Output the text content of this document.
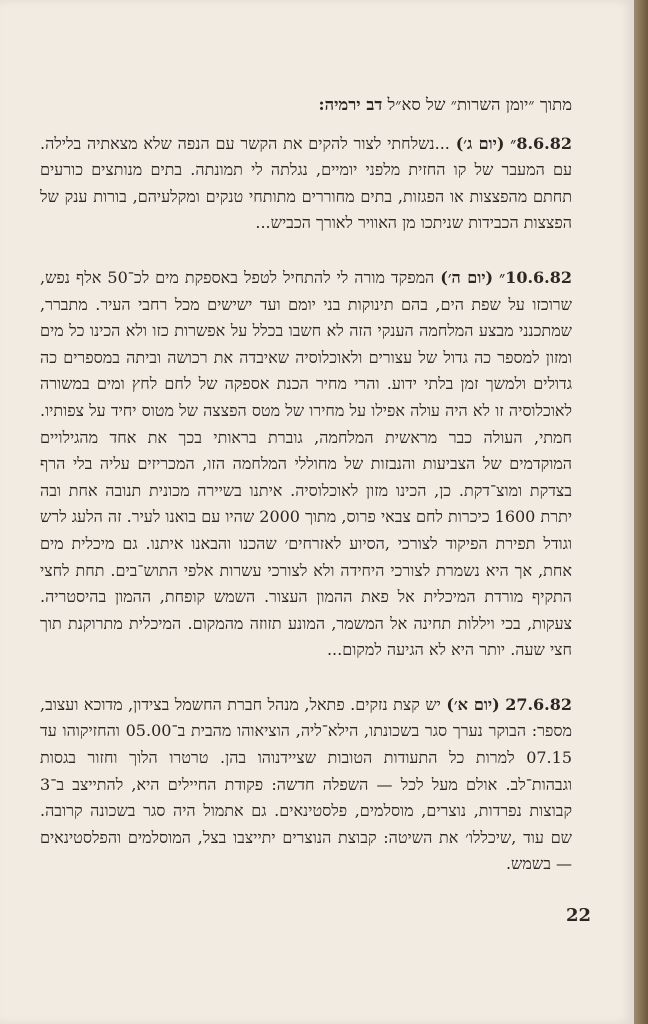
מתוך ״יומן השרות״ של סא״ל דב ירמיה:

8.6.82״ (יום ג׳) ...נשלחתי לצור להקים את הקשר עם הנפה שלא מצאתיה בלילה. עם המעבר של קו החזית מלפני יומיים, נגלתה לי תמונתה. בתים מנותצים כורעים תחתם מהפצצות או הפגזות, בתים מחוררים מתותחי טנקים ומקלעיהם, בורות ענק של הפצצות הכבידות שניתכו מן האוויר לאורך הכביש...

10.6.82״ (יום ה׳) המפקד מורה לי להתחיל לטפל באספקת מים לכ־50 אלף נפש, שרוכזו על שפת הים, בהם תינוקות בני יומם ועד ישישים מכל רחבי העיר. מתברר, שמתכנני מבצע המלחמה הענקי הזה לא חשבו בכלל על אפשרות כזו ולא הכינו כל מים ומזון למספר כה גדול של עצורים ולאוכלוסיה שאיבדה את רכושה וביתה במספרים כה גדולים ולמשך זמן בלתי ידוע. והרי מחיר הכנת אספקה של לחם לחץ ומים במשורה לאוכלוסיה זו לא היה עולה אפילו על מחירו של מטס הפצצה של מטוס יחיד על צפותיו. חמתי, העולה כבר מראשית המלחמה, גוברת בראותי בכך את אחד מהגילויים המוקדמים של הצביעות והנבזות של מחוללי המלחמה הזו, המכריזים עליה בלי הרף בצדקת ומוצ־דקת. כן, הכינו מזון לאוכלוסיה. איתנו בשיירה מכונית תנובה אחת ובה יתרת 1600 כיכרות לחם צבאי פרוס, מתוך 2000 שהיו עם בואנו לעיר. זה הלעג לרש וגודל תפירת הפיקוד לצורכי ,הסיוע לאזרחים׳ שהכנו והבאנו איתנו. גם מיכלית מים אחת, אך היא נשמרת לצורכי היחידה ולא לצורכי עשרות אלפי התוש־בים. תחת לחצי התקיף מורדת המיכלית אל פאת ההמון העצור. השמש קופחת, ההמון בהיסטריה. צעקות, בכי ויללות תחינה אל המשמר, המונע תזוזה מהמקום. המיכלית מתרוקנת תוך חצי שעה. יותר היא לא הגיעה למקום...

27.6.82 (יום א׳) יש קצת נזקים. פתאל, מנהל חברת החשמל בצידון, מדוכא ועצוב, מספר: הבוקר נערך סגר בשכונתו, הילא־ליה, הוציאוהו מהבית ב־05.00 והחזיקוהו עד 07.15 למרות כל התעודות הטובות שציידנוהו בהן. טרטרו הלוך וחזור בגסות וגבהות־לב. אולם מעל לכל — השפלה חדשה: פקודת החיילים היא, להתייצב ב־3 קבוצות נפרדות, נוצרים, מוסלמים, פלסטינאים. גם אתמול היה סגר בשכונה קרובה. שם עוד ,שיכללו׳ את השיטה: קבוצת הנוצרים יתייצבו בצל, המוסלמים והפלסטינאים — בשמש.

22
